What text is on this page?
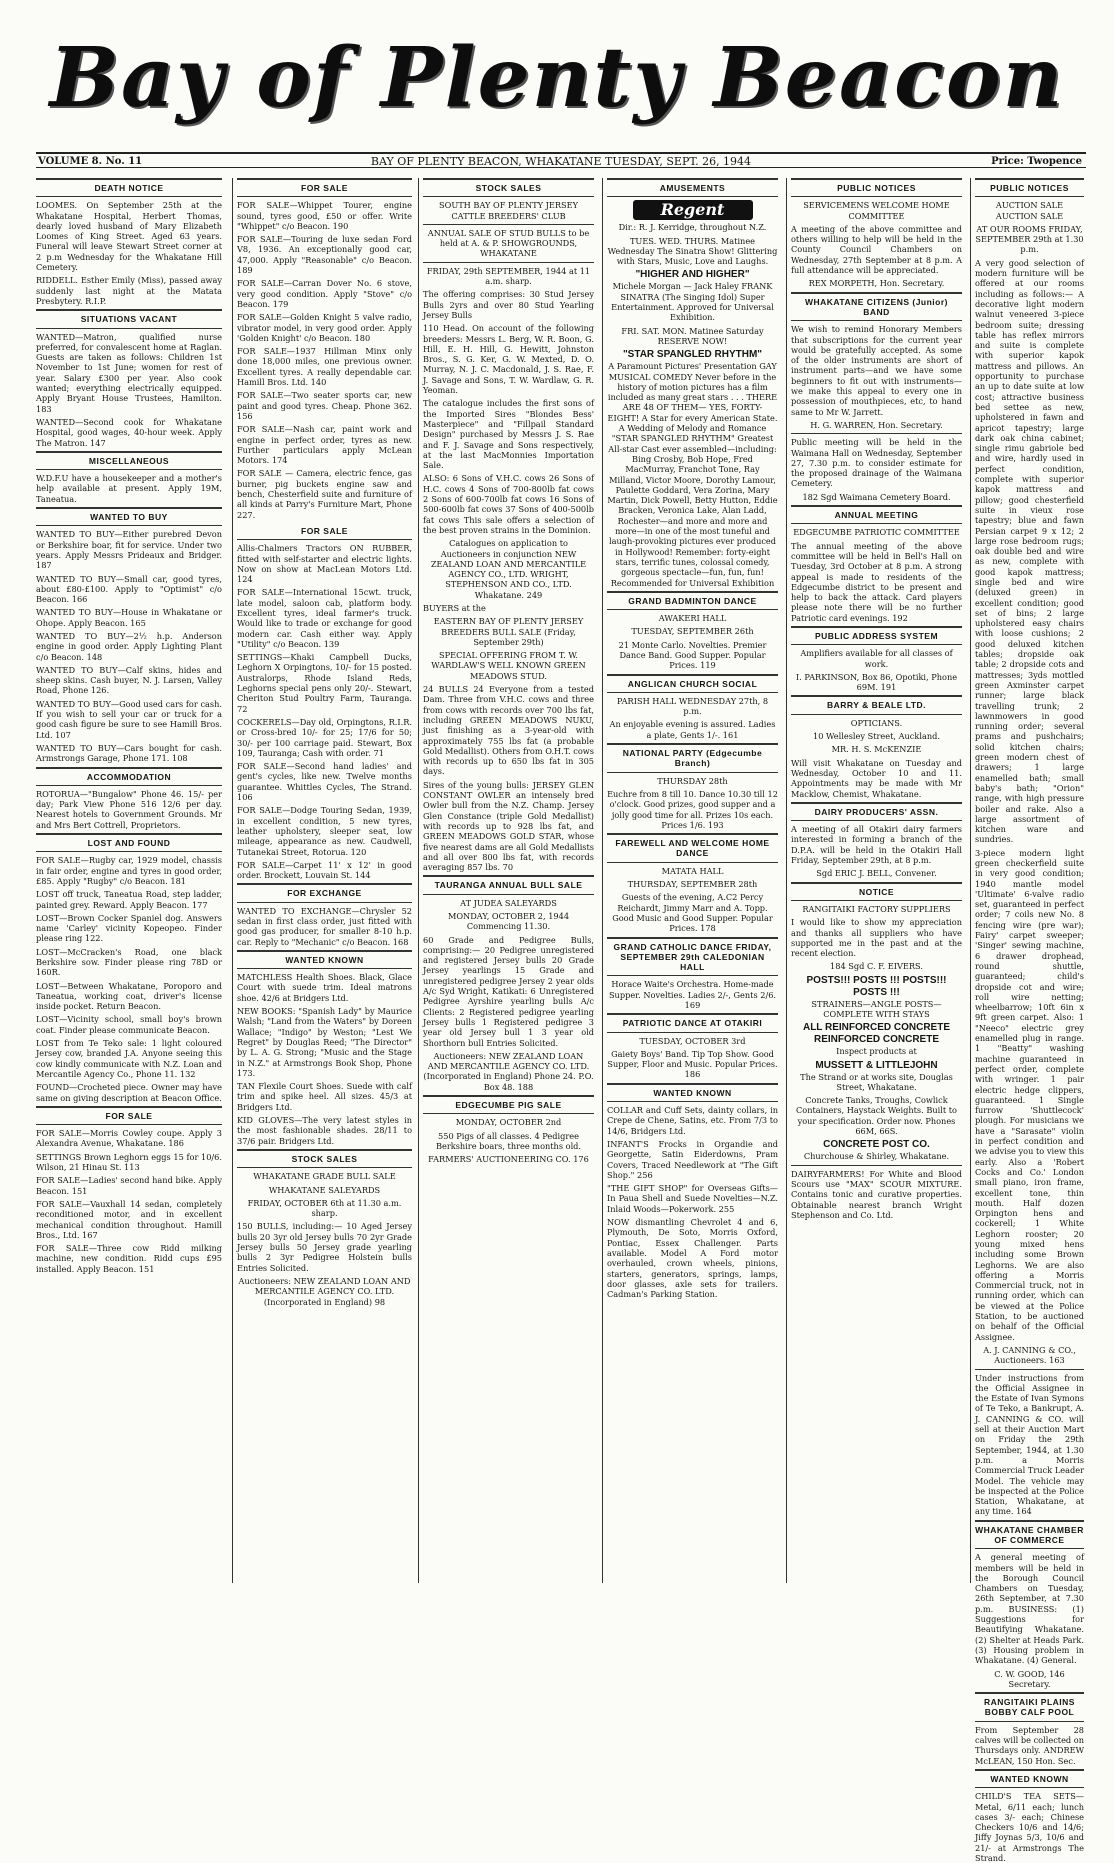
Bay of Plenty Beacon
VOLUME 8. No. 11	BAY OF PLENTY BEACON, WHAKATANE TUESDAY, SEPT. 26, 1944	Price: Twopence
DEATH NOTICE
LOOMES. On September 25th at the Whakatane Hospital, Herbert Thomas, dearly loved husband of Mary Elizabeth Loomes of King Street. Aged 63 years. Funeral will leave Stewart Street corner at 2 p.m Wednesday for the Whakatane Hill Cemetery.
RIDDELL. Esther Emily (Miss), passed away suddenly last night at the Matata Presbytery. R.I.P.
SITUATIONS VACANT
WANTED—Matron, qualified nurse preferred, for convalescent home at Raglan. Guests are taken as follows: Children 1st November to 1st June; women for rest of year. Salary £300 per year. Also cook wanted; everything electrically equipped. Apply Bryant House Trustees, Hamilton. 183
WANTED—Second cook for Whakatane Hospital, good wages, 40-hour week. Apply The Matron. 147
MISCELLANEOUS
W.D.F.U have a housekeeper and a mother's help available at present. Apply 19M, Taneatua.
WANTED TO BUY
WANTED TO BUY—Either purebred Devon or Berkshire boar, fit for service. Under two years. Apply Messrs Prideaux and Bridger. 187
WANTED TO BUY—Small car, good tyres, about £80-£100. Apply to "Optimist" c/o Beacon. 166
WANTED TO BUY—House in Whakatane or Ohope. Apply Beacon. 165
WANTED TO BUY—2½ h.p. Anderson engine in good order. Apply Lighting Plant c/o Beacon. 148
WANTED TO BUY—Calf skins, hides and sheep skins. Cash buyer, N. J. Larsen, Valley Road, Phone 126.
WANTED TO BUY—Good used cars for cash. If you wish to sell your car or truck for a good cash figure be sure to see Hamill Bros. Ltd. 107
WANTED TO BUY—Cars bought for cash. Armstrongs Garage, Phone 171. 108
ACCOMMODATION
ROTORUA—"Bungalow" Phone 46. 15/- per day; Park View Phone 516 12/6 per day. Nearest hotels to Government Grounds. Mr and Mrs Bert Cottrell, Proprietors.
LOST AND FOUND
FOR SALE—Rugby car, 1929 model, chassis in fair order, engine and tyres in good order, £85. Apply "Rugby" c/o Beacon. 181
LOST off truck, Taneatua Road, step ladder, painted grey. Reward. Apply Beacon. 177
LOST—Brown Cocker Spaniel dog. Answers name 'Carley' vicinity Kopeopeo. Finder please ring 122.
LOST—McCracken's Road, one black Berkshire sow. Finder please ring 78D or 160R.
LOST—Between Whakatane, Poroporo and Taneatua, working coat, driver's license inside pocket. Return Beacon.
LOST—Vicinity school, small boy's brown coat. Finder please communicate Beacon.
LOST from Te Teko sale: 1 light coloured Jersey cow, branded J.A. Anyone seeing this cow kindly communicate with N.Z. Loan and Mercantile Agency Co., Phone 11. 132
FOUND—Crocheted piece. Owner may have same on giving description at Beacon Office.
FOR SALE
FOR SALE—Morris Cowley coupe. Apply 3 Alexandra Avenue, Whakatane. 186
SETTINGS Brown Leghorn eggs 15 for 10/6. Wilson, 21 Hinau St. 113
FOR SALE—Ladies' second hand bike. Apply Beacon. 151
FOR SALE—Vauxhall 14 sedan, completely reconditioned motor, and in excellent mechanical condition throughout. Hamill Bros., Ltd. 167
FOR SALE—Three cow Ridd milking machine, new condition. Ridd cups £95 installed. Apply Beacon. 151
FOR SALE
FOR SALE—Whippet Tourer, engine sound, tyres good, £50 or offer. Write "Whippet" c/o Beacon. 190
FOR SALE—Touring de luxe sedan Ford V8, 1936. An exceptionally good car, 47,000. Apply "Reasonable" c/o Beacon. 189
FOR SALE—Carran Dover No. 6 stove, very good condition. Apply "Stove" c/o Beacon. 179
FOR SALE—Golden Knight 5 valve radio, vibrator model, in very good order. Apply 'Golden Knight' c/o Beacon. 180
FOR SALE—1937 Hillman Minx only done 18,000 miles, one previous owner. Excellent tyres. A really dependable car. Hamill Bros. Ltd. 140
FOR SALE—Two seater sports car, new paint and good tyres. Cheap. Phone 362. 156
FOR SALE—Nash car, paint work and engine in perfect order, tyres as new. Further particulars apply McLean Motors. 174
FOR SALE — Camera, electric fence, gas burner, pig buckets engine saw and bench, Chesterfield suite and furniture of all kinds at Parry's Furniture Mart, Phone 227.
FOR SALE
Allis-Chalmers Tractors ON RUBBER, fitted with self-starter and electric lights. Now on show at MacLean Motors Ltd. 124
FOR SALE—International 15cwt. truck, late model, saloon cab, platform body. Excellent tyres, ideal farmer's truck. Would like to trade or exchange for good modern car. Cash either way. Apply "Utility" c/o Beacon. 139
SETTINGS—Khaki Campbell Ducks, Leghorn X Orpingtons, 10/- for 15 posted. Australorps, Rhode Island Reds, Leghorns special pens only 20/-. Stewart, Cheriton Stud Poultry Farm, Tauranga. 72
COCKERELS—Day old, Orpingtons, R.I.R. or Cross-bred 10/- for 25; 17/6 for 50; 30/- per 100 carriage paid. Stewart, Box 109, Tauranga; Cash with order. 71
FOR SALE—Second hand ladies' and gent's cycles, like new. Twelve months guarantee. Whittles Cycles, The Strand. 106
FOR SALE—Dodge Touring Sedan, 1939, in excellent condition, 5 new tyres, leather upholstery, sleeper seat, low mileage, appearance as new. Caudwell, Tutanekai Street, Rotorua. 120
FOR SALE—Carpet 11' x 12' in good order. Brockett, Louvain St. 144
FOR EXCHANGE
WANTED TO EXCHANGE—Chrysler 52 sedan in first class order, just fitted with good gas producer, for smaller 8-10 h.p. car. Reply to "Mechanic" c/o Beacon. 168
WANTED KNOWN
MATCHLESS Health Shoes. Black, Glace Court with suede trim. Ideal matrons shoe. 42/6 at Bridgers Ltd.
NEW BOOKS: "Spanish Lady" by Maurice Walsh; "Land from the Waters" by Doreen Wallace; "Indigo" by Weston; "Lest We Regret" by Douglas Reed; "The Director" by L. A. G. Strong; "Music and the Stage in N.Z." at Armstrongs Book Shop, Phone 173.
TAN Flexile Court Shoes. Suede with calf trim and spike heel. All sizes. 45/3 at Bridgers Ltd.
KID GLOVES—The very latest styles in the most fashionable shades. 28/11 to 37/6 pair. Bridgers Ltd.
STOCK SALES
WHAKATANE GRADE BULL SALE
WHAKATANE SALEYARDS
FRIDAY, OCTOBER 6th at 11.30 a.m. sharp.
150 BULLS, including:— 10 Aged Jersey bulls 20 3yr old Jersey bulls 70 2yr Grade Jersey bulls 50 Jersey grade yearling bulls 2 3yr Pedigree Holstein bulls Entries Solicited.
Auctioneers: NEW ZEALAND LOAN AND MERCANTILE AGENCY CO. LTD. (Incorporated in England) 98
STOCK SALES
SOUTH BAY OF PLENTY JERSEY CATTLE BREEDERS' CLUB
ANNUAL SALE OF STUD BULLS to be held at A. & P. SHOWGROUNDS, WHAKATANE
FRIDAY, 29th SEPTEMBER, 1944 at 11 a.m. sharp.
The offering comprises: 30 Stud Jersey Bulls 2yrs and over 80 Stud Yearling Jersey Bulls
110 Head. On account of the following breeders: Messrs L. Berg, W. R. Boon, G. Hill, E. H. Hill, G. Hewitt, Johnston Bros., S. G. Ker, G. W. Mexted, D. O. Murray, N. J. C. Macdonald, J. S. Rae, F. J. Savage and Sons, T. W. Wardlaw, G. R. Yeoman.
The catalogue includes the first sons of the Imported Sires "Blondes Bess' Masterpiece" and "Fillpail Standard Design" purchased by Messrs J. S. Rae and F. J. Savage and Sons respectively, at the last MacMonnies Importation Sale.
ALSO: 6 Sons of V.H.C. cows 26 Sons of H.C. cows 4 Sons of 700-800lb fat cows 2 Sons of 600-700lb fat cows 16 Sons of 500-600lb fat cows 37 Sons of 400-500lb fat cows This sale offers a selection of the best proven strains in the Dominion.
Catalogues on application to Auctioneers in conjunction NEW ZEALAND LOAN AND MERCANTILE AGENCY CO., LTD. WRIGHT, STEPHENSON AND CO., LTD. Whakatane. 249
BUYERS at the
EASTERN BAY OF PLENTY JERSEY BREEDERS BULL SALE (Friday, September 29th)
SPECIAL OFFERING FROM T. W. WARDLAW'S WELL KNOWN GREEN MEADOWS STUD.
24 BULLS 24 Everyone from a tested Dam. Three from V.H.C. cows and three from cows with records over 700 lbs fat, including GREEN MEADOWS NUKU, just finishing as a 3-year-old with approximately 755 lbs fat (a probable Gold Medallist). Others from O.H.T. cows with records up to 650 lbs fat in 305 days.
Sires of the young bulls: JERSEY GLEN CONSTANT OWLER an intensely bred Owler bull from the N.Z. Champ. Jersey Glen Constance (triple Gold Medallist) with records up to 928 lbs fat, and GREEN MEADOWS GOLD STAR, whose five nearest dams are all Gold Medallists and all over 800 lbs fat, with records averaging 857 lbs. 70
TAURANGA ANNUAL BULL SALE
AT JUDEA SALEYARDS
MONDAY, OCTOBER 2, 1944 Commencing 11.30.
60 Grade and Pedigree Bulls, comprising:— 20 Pedigree unregistered and registered Jersey bulls 20 Grade Jersey yearlings 15 Grade and unregistered pedigree Jersey 2 year olds A/c Syd Wright, Katikati: 6 Unregistered Pedigree Ayrshire yearling bulls A/c Clients: 2 Registered pedigree yearling Jersey bulls 1 Registered pedigree 3 year old Jersey bull 1 3 year old Shorthorn bull Entries Solicited.
Auctioneers: NEW ZEALAND LOAN AND MERCANTILE AGENCY CO. LTD. (Incorporated in England) Phone 24. P.O. Box 48. 188
EDGECUMBE PIG SALE
MONDAY, OCTOBER 2nd
550 Pigs of all classes. 4 Pedigree Berkshire boars, three months old.
FARMERS' AUCTIONEERING CO. 176
AMUSEMENTS
Regent
Dir.: R. J. Kerridge, throughout N.Z.
TUES. WED. THURS. Matinee Wednesday The Sinatra Show! Glittering with Stars, Music, Love and Laughs.
"HIGHER AND HIGHER"
Michele Morgan — Jack Haley FRANK SINATRA (The Singing Idol) Super Entertainment. Approved for Universal Exhibition.
FRI. SAT. MON. Matinee Saturday RESERVE NOW!
"STAR SPANGLED RHYTHM"
A Paramount Pictures' Presentation GAY MUSICAL COMEDY Never before in the history of motion pictures has a film included as many great stars . . . THERE ARE 48 OF THEM— YES, FORTY-EIGHT! A Star for every American State. A Wedding of Melody and Romance "STAR SPANGLED RHYTHM" Greatest All-star Cast ever assembled—including: Bing Crosby, Bob Hope, Fred MacMurray, Franchot Tone, Ray Milland, Victor Moore, Dorothy Lamour, Paulette Goddard, Vera Zorina, Mary Martin, Dick Powell, Betty Hutton, Eddie Bracken, Veronica Lake, Alan Ladd, Rochester—and more and more and more—in one of the most tuneful and laugh-provoking pictures ever produced in Hollywood! Remember: forty-eight stars, terrific tunes, colossal comedy, gorgeous spectacle—fun, fun, fun! Recommended for Universal Exhibition
GRAND BADMINTON DANCE
AWAKERI HALL
TUESDAY, SEPTEMBER 26th
21 Monte Carlo. Novelties. Premier Dance Band. Good Supper. Popular Prices. 119
ANGLICAN CHURCH SOCIAL
PARISH HALL WEDNESDAY 27th, 8 p.m.
An enjoyable evening is assured. Ladies a plate, Gents 1/-. 161
NATIONAL PARTY (Edgecumbe Branch)
THURSDAY 28th
Euchre from 8 till 10. Dance 10.30 till 12 o'clock. Good prizes, good supper and a jolly good time for all. Prizes 10s each. Prices 1/6. 193
FAREWELL AND WELCOME HOME DANCE
MATATA HALL
THURSDAY, SEPTEMBER 28th
Guests of the evening, A.C2 Percy Reichardt, Jimmy Marr and A. Topp. Good Music and Good Supper. Popular Prices. 178
GRAND CATHOLIC DANCE FRIDAY, SEPTEMBER 29th CALEDONIAN HALL
Horace Waite's Orchestra. Home-made Supper. Novelties. Ladies 2/-, Gents 2/6. 169
PATRIOTIC DANCE AT OTAKIRI
TUESDAY, OCTOBER 3rd
Gaiety Boys' Band. Tip Top Show. Good Supper, Floor and Music. Popular Prices. 186
WANTED KNOWN
COLLAR and Cuff Sets, dainty collars, in Crepe de Chene, Satins, etc. From 7/3 to 14/6, Bridgers Ltd.
INFANT'S Frocks in Organdie and Georgette, Satin Eiderdowns, Pram Covers, Traced Needlework at "The Gift Shop." 256
"THE GIFT SHOP" for Overseas Gifts—In Paua Shell and Suede Novelties—N.Z. Inlaid Woods—Pokerwork. 255
NOW dismantling Chevrolet 4 and 6, Plymouth, De Soto, Morris Oxford, Pontiac, Essex Challenger. Parts available. Model A Ford motor overhauled, crown wheels, pinions, starters, generators, springs, lamps, door glasses, axle sets for trailers. Cadman's Parking Station.
PUBLIC NOTICES
SERVICEMENS WELCOME HOME COMMITTEE
A meeting of the above committee and others willing to help will be held in the County Council Chambers on Wednesday, 27th September at 8 p.m. A full attendance will be appreciated.
REX MORPETH, Hon. Secretary.
WHAKATANE CITIZENS (Junior) BAND
We wish to remind Honorary Members that subscriptions for the current year would be gratefully accepted. As some of the older instruments are short of instrument parts—and we have some beginners to fit out with instruments—we make this appeal to every one in possession of mouthpieces, etc, to hand same to Mr W. Jarrett.
H. G. WARREN, Hon. Secretary.
Public meeting will be held in the Waimana Hall on Wednesday, September 27, 7.30 p.m. to consider estimate for the proposed drainage of the Waimana Cemetery.
182 Sgd Waimana Cemetery Board.
ANNUAL MEETING
EDGECUMBE PATRIOTIC COMMITTEE
The annual meeting of the above committee will be held in Bell's Hall on Tuesday, 3rd October at 8 p.m. A strong appeal is made to residents of the Edgecumbe district to be present and help to back the attack. Card players please note there will be no further Patriotic card evenings. 192
PUBLIC ADDRESS SYSTEM
Amplifiers available for all classes of work.
I. PARKINSON, Box 86, Opotiki, Phone 69M. 191
BARRY & BEALE LTD.
OPTICIANS.
10 Wellesley Street, Auckland.
MR. H. S. McKENZIE
Will visit Whakatane on Tuesday and Wednesday, October 10 and 11. Appointments may be made with Mr Macklow, Chemist, Whakatane.
DAIRY PRODUCERS' ASSN.
A meeting of all Otakiri dairy farmers interested in forming a branch of the D.P.A. will be held in the Otakiri Hall Friday, September 29th, at 8 p.m.
Sgd ERIC J. BELL, Convener.
NOTICE
RANGITAIKI FACTORY SUPPLIERS
I would like to show my appreciation and thanks all suppliers who have supported me in the past and at the recent election.
184 Sgd C. F. EIVERS.
POSTS!!! POSTS !!! POSTS!!! POSTS !!!
STRAINERS—ANGLE POSTS— COMPLETE WITH STAYS
ALL REINFORCED CONCRETE REINFORCED CONCRETE
Inspect products at
MUSSETT & LITTLEJOHN
The Strand or at works site, Douglas Street, Whakatane.
Concrete Tanks, Troughs, Cowlick Containers, Haystack Weights. Built to your specification. Order now. Phones 66M, 66S.
CONCRETE POST CO.
Churchouse & Shirley, Whakatane.
DAIRYFARMERS! For White and Blood Scours use "MAX" SCOUR MIXTURE. Contains tonic and curative properties. Obtainable nearest branch Wright Stephenson and Co. Ltd.
PUBLIC NOTICES
AUCTION SALE AUCTION SALE
AT OUR ROOMS FRIDAY, SEPTEMBER 29th at 1.30 p.m.
A very good selection of modern furniture will be offered at our rooms including as follows:— A decorative light modern walnut veneered 3-piece bedroom suite; dressing table has reflex mirrors and suite is complete with superior kapok mattress and pillows. An opportunity to purchase an up to date suite at low cost; attractive business bed settee as new, upholstered in fawn and apricot tapestry; large dark oak china cabinet; single rimu gabriole bed and wire, hardly used in perfect condition, complete with superior kapok mattress and pillow; good chesterfield suite in vieux rose tapestry; blue and fawn Persian carpet 9 x 12; 2 large rose bedroom rugs; oak double bed and wire as new, complete with good kapok mattress; single bed and wire (deluxed green) in excellent condition; good set of bins; 2 large upholstered easy chairs with loose cushions; 2 good deluxed kitchen tables; dropside oak table; 2 dropside cots and mattresses; 3yds mottled green Axminster carpet runner; large black travelling trunk; 2 lawnmowers in good running order; several prams and pushchairs; solid kitchen chairs; green modern chest of drawers; 1 large enamelled bath; small baby's bath; "Orion" range, with high pressure boiler and rake. Also a large assortment of kitchen ware and sundries.
3-piece modern light green checkerfield suite in very good condition; 1940 mantle model 'Ultimate' 6-valve radio set, guaranteed in perfect order; 7 coils new No. 8 fencing wire (pre war); Fairy' carpet sweeper; 'Singer' sewing machine, 6 drawer drophead, round shuttle, guaranteed; child's dropside cot and wire; roll wire netting; wheelbarrow; 10ft 6in x 9ft green carpet. Also: 1 "Neeco" electric grey enamelled plug in range. 1 "Beatty" washing machine guaranteed in perfect order, complete with wringer. 1 pair electric hedge clippers, guaranteed. 1 Single furrow 'Shuttlecock' plough. For musicians we have a "Sarasate" violin in perfect condition and we advise you to view this early. Also a 'Robert Cocks and Co.' London small piano, iron frame, excellent tone, thin mouth. Half dozen Orpington hens and cockerell; 1 White Leghorn rooster; 20 young mixed hens including some Brown Leghorns. We are also offering a Morris Commercial truck, not in running order, which can be viewed at the Police Station, to be auctioned on behalf of the Official Assignee.
A. J. CANNING & CO., Auctioneers. 163
Under instructions from the Official Assignee in the Estate of Ivan Symons of Te Teko, a Bankrupt, A. J. CANNING & CO. will sell at their Auction Mart on Friday the 29th September, 1944, at 1.30 p.m. a Morris Commercial Truck Leader Model. The vehicle may be inspected at the Police Station, Whakatane, at any time. 164
WHAKATANE CHAMBER OF COMMERCE
A general meeting of members will be held in the Borough Council Chambers on Tuesday, 26th September, at 7.30 p.m. BUSINESS: (1) Suggestions for Beautifying Whakatane. (2) Shelter at Heads Park. (3) Housing problem in Whakatane. (4) General.
C. W. GOOD, 146 Secretary.
RANGITAIKI PLAINS BOBBY CALF POOL
From September 28 calves will be collected on Thursdays only. ANDREW McLEAN, 150 Hon. Sec.
WANTED KNOWN
CHILD'S TEA SETS—Metal, 6/11 each; lunch cases 3/- each; Chinese Checkers 10/6 and 14/6; Jiffy Joynas 5/3, 10/6 and 21/- at Armstrongs The Strand.
